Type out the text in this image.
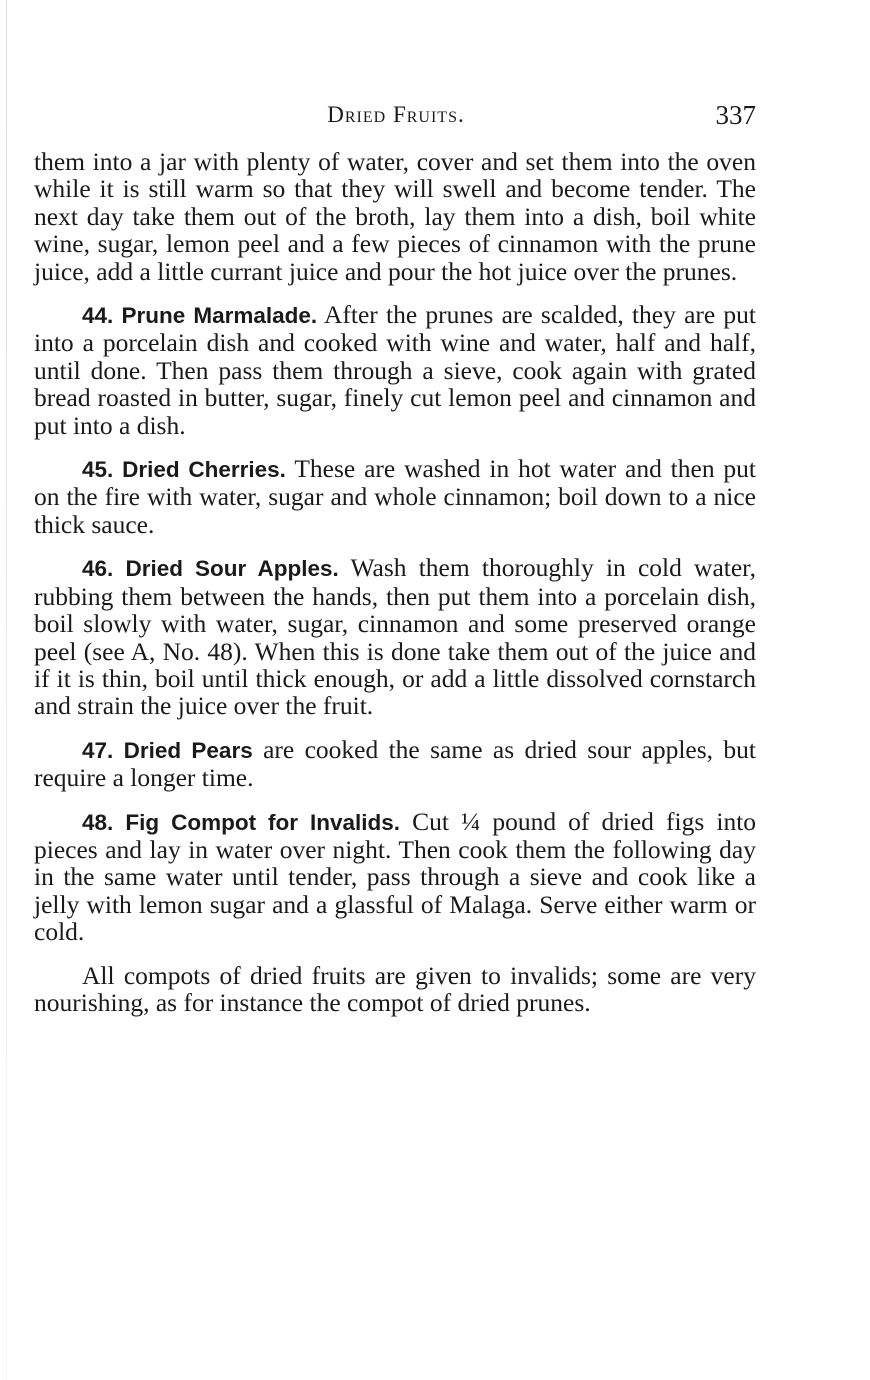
Dried Fruits.	337

them into a jar with plenty of water, cover and set them into the oven while it is still warm so that they will swell and become tender. The next day take them out of the broth, lay them into a dish, boil white wine, sugar, lemon peel and a few pieces of cinnamon with the prune juice, add a little currant juice and pour the hot juice over the prunes.

44. Prune Marmalade. After the prunes are scalded, they are put into a porcelain dish and cooked with wine and water, half and half, until done. Then pass them through a sieve, cook again with grated bread roasted in butter, sugar, finely cut lemon peel and cinnamon and put into a dish.

45. Dried Cherries. These are washed in hot water and then put on the fire with water, sugar and whole cinnamon; boil down to a nice thick sauce.

46. Dried Sour Apples. Wash them thoroughly in cold water, rubbing them between the hands, then put them into a porcelain dish, boil slowly with water, sugar, cinnamon and some preserved orange peel (see A, No. 48). When this is done take them out of the juice and if it is thin, boil until thick enough, or add a little dissolved cornstarch and strain the juice over the fruit.

47. Dried Pears are cooked the same as dried sour apples, but require a longer time.

48. Fig Compot for Invalids. Cut ¼ pound of dried figs into pieces and lay in water over night. Then cook them the following day in the same water until tender, pass through a sieve and cook like a jelly with lemon sugar and a glassful of Malaga. Serve either warm or cold.

All compots of dried fruits are given to invalids; some are very nourishing, as for instance the compot of dried prunes.
